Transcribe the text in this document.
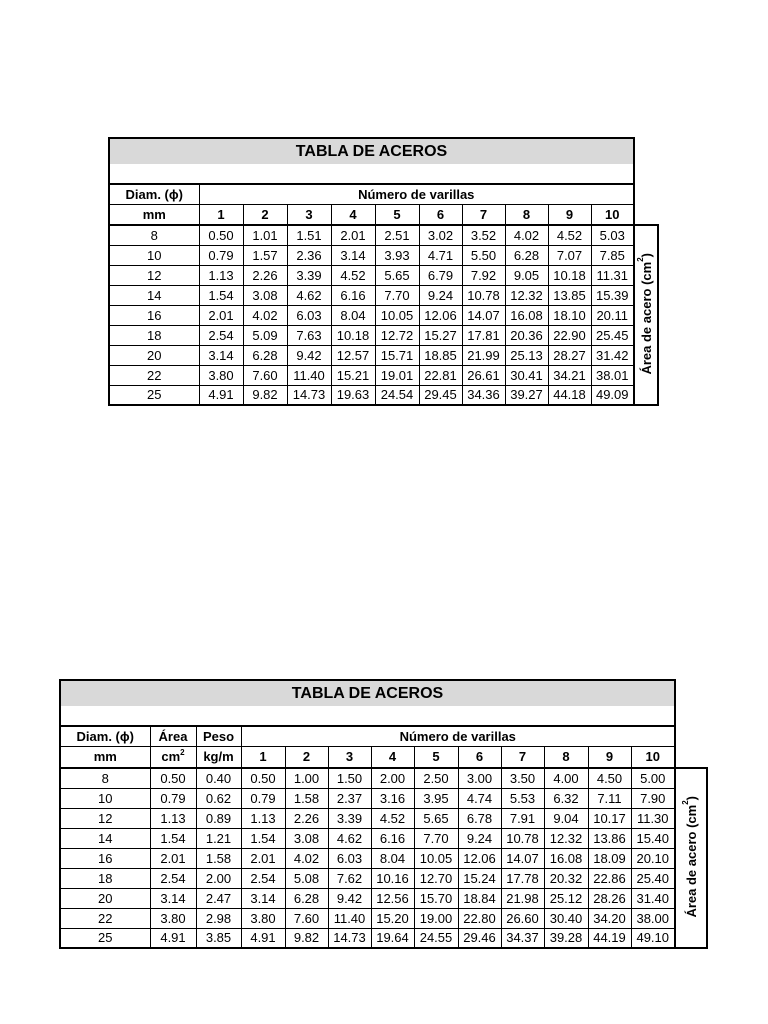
TABLA DE ACEROS											

Diam. (ϕ)	Número de varillas										
mm	1	2	3	4	5	6	7	8	9	10	
8	0.50	1.01	1.51	2.01	2.51	3.02	3.52	4.02	4.52	5.03	Área de acero $(cm^2)$
10	0.79	1.57	2.36	3.14	3.93	4.71	5.50	6.28	7.07	7.85	
12	1.13	2.26	3.39	4.52	5.65	6.79	7.92	9.05	10.18	11.31	
14	1.54	3.08	4.62	6.16	7.70	9.24	10.78	12.32	13.85	15.39	
16	2.01	4.02	6.03	8.04	10.05	12.06	14.07	16.08	18.10	20.11	
18	2.54	5.09	7.63	10.18	12.72	15.27	17.81	20.36	22.90	25.45	
20	3.14	6.28	9.42	12.57	15.71	18.85	21.99	25.13	28.27	31.42	
22	3.80	7.60	11.40	15.21	19.01	22.81	26.61	30.41	34.21	38.01	
25	4.91	9.82	14.73	19.63	24.54	29.45	34.36	39.27	44.18	49.09	
TABLA DE ACEROS													

Diam. (ϕ)	Área	Peso	Número de varillas										
mm	$cm^2$	kg/m	1	2	3	4	5	6	7	8	9	10	
8	0.50	0.40	0.50	1.00	1.50	2.00	2.50	3.00	3.50	4.00	4.50	5.00	Área de acero $(cm^2)$
10	0.79	0.62	0.79	1.58	2.37	3.16	3.95	4.74	5.53	6.32	7.11	7.90	
12	1.13	0.89	1.13	2.26	3.39	4.52	5.65	6.78	7.91	9.04	10.17	11.30	
14	1.54	1.21	1.54	3.08	4.62	6.16	7.70	9.24	10.78	12.32	13.86	15.40	
16	2.01	1.58	2.01	4.02	6.03	8.04	10.05	12.06	14.07	16.08	18.09	20.10	
18	2.54	2.00	2.54	5.08	7.62	10.16	12.70	15.24	17.78	20.32	22.86	25.40	
20	3.14	2.47	3.14	6.28	9.42	12.56	15.70	18.84	21.98	25.12	28.26	31.40	
22	3.80	2.98	3.80	7.60	11.40	15.20	19.00	22.80	26.60	30.40	34.20	38.00	
25	4.91	3.85	4.91	9.82	14.73	19.64	24.55	29.46	34.37	39.28	44.19	49.10	
